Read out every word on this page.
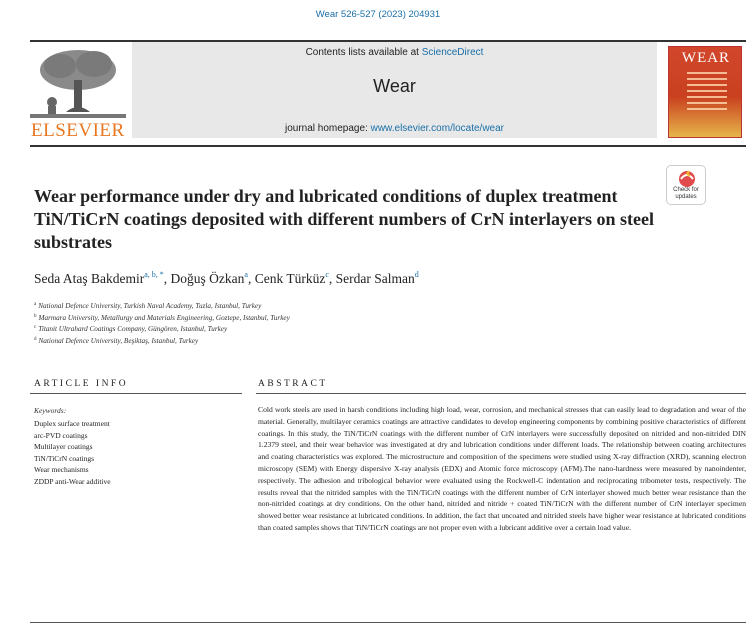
Wear 526-527 (2023) 204931
ELSEVIER
Contents lists available at ScienceDirect
Wear
journal homepage: www.elsevier.com/locate/wear
WEAR
Wear performance under dry and lubricated conditions of duplex treatment TiN/TiCrN coatings deposited with different numbers of CrN interlayers on steel substrates
Check for
updates
Seda Ataş Bakdemir$^{a, b, *}$, Doğuş Özkan$^a$, Cenk Türküz$^c$, Serdar Salman$^d$
$^a$ National Defence University, Turkish Naval Academy, Tuzla, Istanbul, Turkey
$^b$ Marmara University, Metallurgy and Materials Engineering, Goztepe, Istanbul, Turkey
$^c$ Titanit Ultrahard Coatings Company, Güngören, Istanbul, Turkey
$^d$ National Defence University, Beşiktaş, Istanbul, Turkey
ARTICLE INFO	ABSTRACT
Keywords:
Duplex surface treatment
arc-PVD coatings
Multilayer coatings
TiN/TiCrN coatings
Wear mechanisms
ZDDP anti-Wear additive

Cold work steels are used in harsh conditions including high load, wear, corrosion, and mechanical stresses that can easily lead to degradation and wear of the material. Generally, multilayer ceramics coatings are attractive candidates to develop engineering components by combining positive characteristics of different coatings. In this study, the TiN/TiCrN coatings with the different number of CrN interlayers were successfully deposited on nitrided and non-nitrided DIN 1.2379 steel, and their wear behavior was investigated at dry and lubrication conditions under different loads. The relationship between coating architectures and coating characteristics was explored. The microstructure and composition of the specimens were studied using X-ray diffraction (XRD), scanning electron microscopy (SEM) with Energy dispersive X-ray analysis (EDX) and Atomic force microscopy (AFM).The nano-hardness were measured by nanoindenter, respectively. The adhesion and tribological behavior were evaluated using the Rockwell-C indentation and reciprocating tribometer tests, respectively. The results reveal that the nitrided samples with the TiN/TiCrN coatings with the different number of CrN interlayer showed much better wear resistance than the non-nitrided coatings at dry conditions. On the other hand, nitrided and nitride + coated TiN/TiCrN with the different number of CrN interlayer specimen showed better wear resistance at lubricated conditions. In addition, the fact that uncoated and nitrided steels have higher wear resistance at lubricated conditions than coated samples shows that TiN/TiCrN coatings are not proper even with a lubricant additive over a certain load value.
